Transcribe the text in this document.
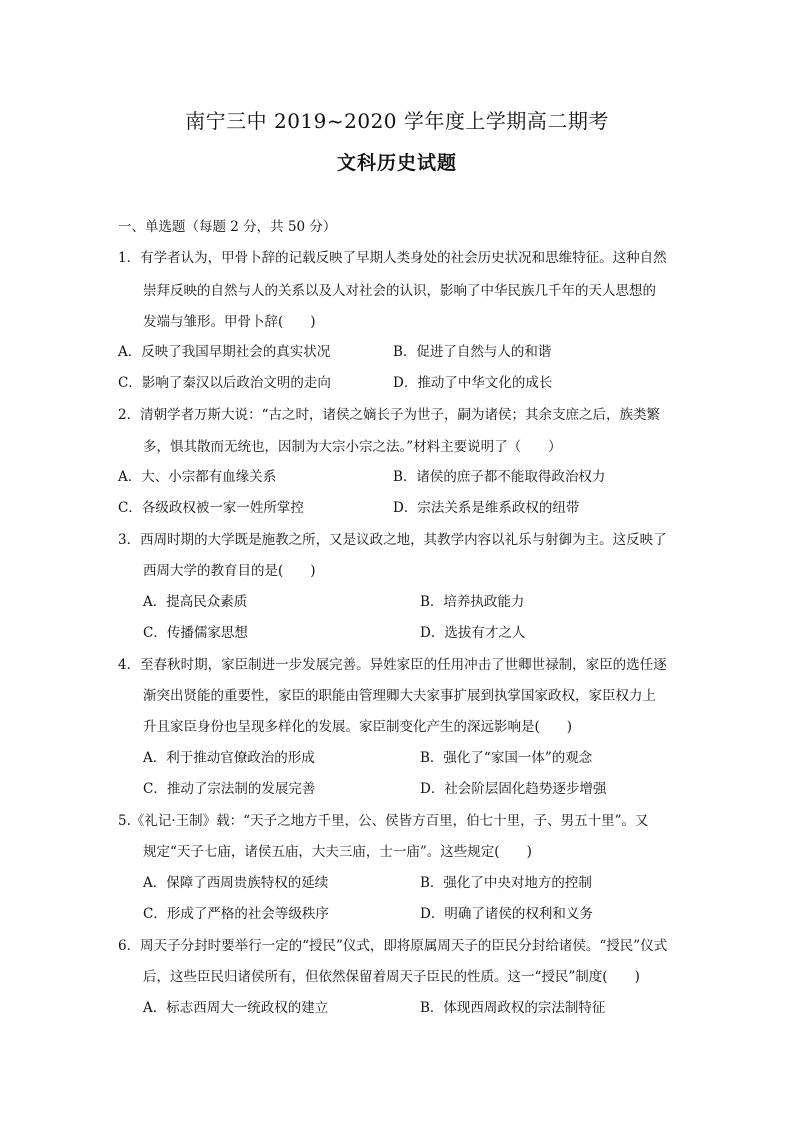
南宁三中 2019~2020 学年度上学期高二期考
文科历史试题
一、单选题（每题 2 分，共 50 分）
1．有学者认为，甲骨卜辞的记载反映了早期人类身处的社会历史状况和思维特征。这种自然
崇拜反映的自然与人的关系以及人对社会的认识，影响了中华民族几千年的天人思想的
发端与雏形。甲骨卜辞(　　)
A．反映了我国早期社会的真实状况	B．促进了自然与人的和谐
C．影响了秦汉以后政治文明的走向	D．推动了中华文化的成长
2．清朝学者万斯大说：“古之时，诸侯之嫡长子为世子，嗣为诸侯；其余支庶之后，族类繁
多，惧其散而无统也，因制为大宗小宗之法。”材料主要说明了（　　）
A．大、小宗都有血缘关系	B．诸侯的庶子都不能取得政治权力
C．各级政权被一家一姓所掌控	D．宗法关系是维系政权的纽带
3．西周时期的大学既是施教之所，又是议政之地，其教学内容以礼乐与射御为主。这反映了
西周大学的教育目的是(　　)
A．提高民众素质	B．培养执政能力
C．传播儒家思想	D．选拔有才之人
4．至春秋时期，家臣制进一步发展完善。异姓家臣的任用冲击了世卿世禄制，家臣的选任逐
渐突出贤能的重要性，家臣的职能由管理卿大夫家事扩展到执掌国家政权，家臣权力上
升且家臣身份也呈现多样化的发展。家臣制变化产生的深远影响是(　　)
A．利于推动官僚政治的形成	B．强化了“家国一体”的观念
C．推动了宗法制的发展完善	D．社会阶层固化趋势逐步增强
5.《礼记·王制》载：“天子之地方千里，公、侯皆方百里，伯七十里，子、男五十里”。又
规定“天子七庙，诸侯五庙，大夫三庙，士一庙”。这些规定(　　)
A．保障了西周贵族特权的延续	B．强化了中央对地方的控制
C．形成了严格的社会等级秩序	D．明确了诸侯的权利和义务
6．周天子分封时要举行一定的“授民”仪式，即将原属周天子的臣民分封给诸侯。“授民”仪式
后，这些臣民归诸侯所有，但依然保留着周天子臣民的性质。这一“授民”制度(　　)
A．标志西周大一统政权的建立	B．体现西周政权的宗法制特征
